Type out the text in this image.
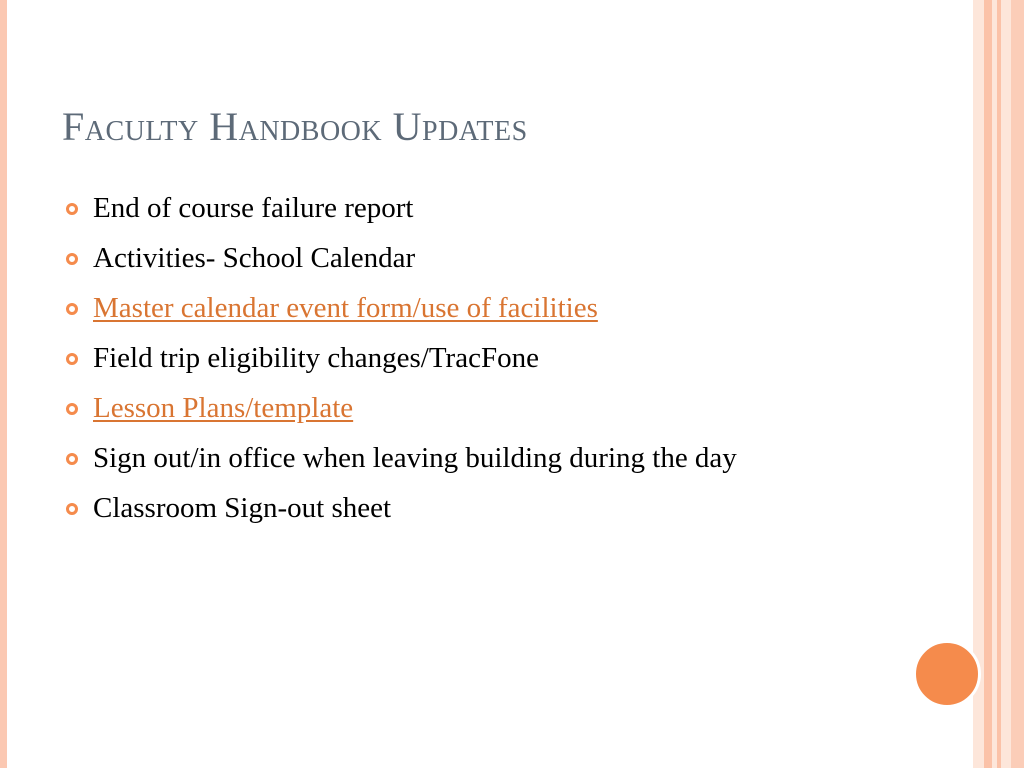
Faculty Handbook Updates
End of course failure report
Activities- School Calendar
Master calendar event form/use of facilities
Field trip eligibility changes/TracFone
Lesson Plans/template
Sign out/in office when leaving building during the day
Classroom Sign-out sheet
